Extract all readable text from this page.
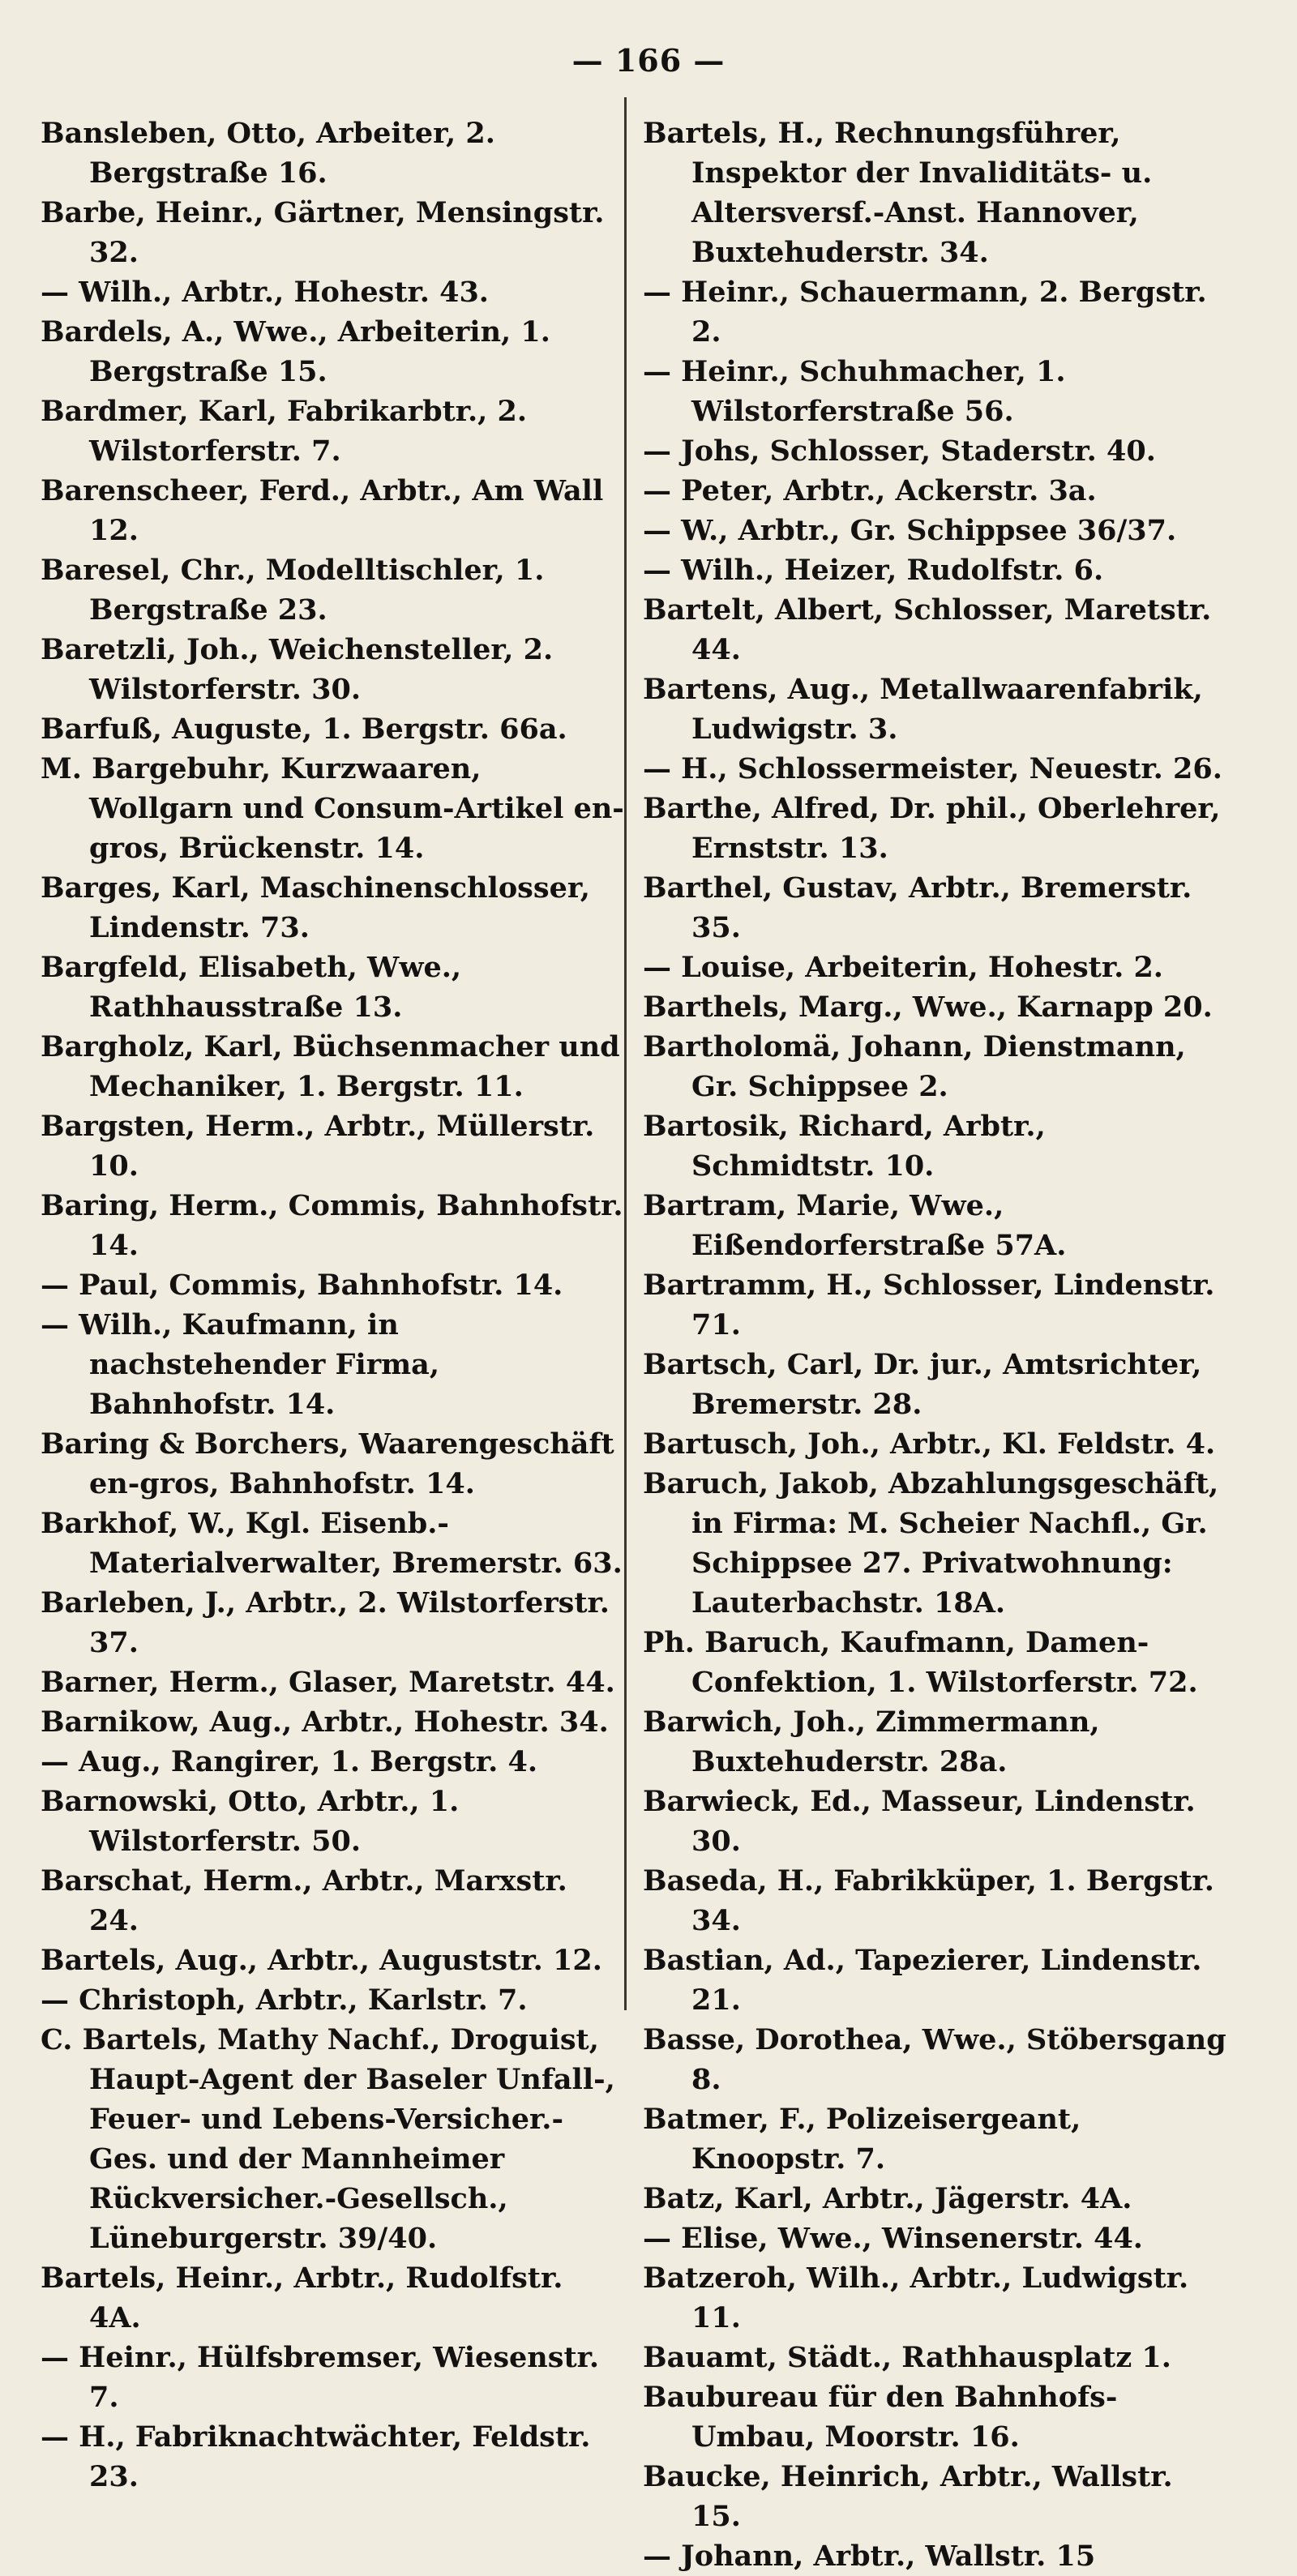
— 166 —
Bansleben, Otto, Arbeiter, 2. Bergstraße 16.
Barbe, Heinr., Gärtner, Mensingstr. 32.
— Wilh., Arbtr., Hohestr. 43.
Bardels, A., Wwe., Arbeiterin, 1. Bergstraße 15.
Bardmer, Karl, Fabrikarbtr., 2. Wilstorferstr. 7.
Barenscheer, Ferd., Arbtr., Am Wall 12.
Baresel, Chr., Modelltischler, 1. Bergstraße 23.
Baretzli, Joh., Weichensteller, 2. Wilstorferstr. 30.
Barfuß, Auguste, 1. Bergstr. 66a.
M. Bargebuhr, Kurzwaaren, Wollgarn und Consum-Artikel en-gros, Brückenstr. 14.
Barges, Karl, Maschinenschlosser, Lindenstr. 73.
Bargfeld, Elisabeth, Wwe., Rathhausstraße 13.
Bargholz, Karl, Büchsenmacher und Mechaniker, 1. Bergstr. 11.
Bargsten, Herm., Arbtr., Müllerstr. 10.
Baring, Herm., Commis, Bahnhofstr. 14.
— Paul, Commis, Bahnhofstr. 14.
— Wilh., Kaufmann, in nachstehender Firma, Bahnhofstr. 14.
Baring & Borchers, Waarengeschäft en-gros, Bahnhofstr. 14.
Barkhof, W., Kgl. Eisenb.-Materialverwalter, Bremerstr. 63.
Barleben, J., Arbtr., 2. Wilstorferstr. 37.
Barner, Herm., Glaser, Maretstr. 44.
Barnikow, Aug., Arbtr., Hohestr. 34.
— Aug., Rangirer, 1. Bergstr. 4.
Barnowski, Otto, Arbtr., 1. Wilstorferstr. 50.
Barschat, Herm., Arbtr., Marxstr. 24.
Bartels, Aug., Arbtr., Auguststr. 12.
— Christoph, Arbtr., Karlstr. 7.
C. Bartels, Mathy Nachf., Droguist, Haupt-Agent der Baseler Unfall-, Feuer- und Lebens-Versicher.-Ges. und der Mannheimer Rückversicher.-Gesellsch., Lüneburgerstr. 39/40.
Bartels, Heinr., Arbtr., Rudolfstr. 4A.
— Heinr., Hülfsbremser, Wiesenstr. 7.
— H., Fabriknachtwächter, Feldstr. 23.
Bartels, H., Rechnungsführer, Inspektor der Invaliditäts- u. Altersversf.-Anst. Hannover, Buxtehuderstr. 34.
— Heinr., Schauermann, 2. Bergstr. 2.
— Heinr., Schuhmacher, 1. Wilstorferstraße 56.
— Johs, Schlosser, Staderstr. 40.
— Peter, Arbtr., Ackerstr. 3a.
— W., Arbtr., Gr. Schippsee 36/37.
— Wilh., Heizer, Rudolfstr. 6.
Bartelt, Albert, Schlosser, Maretstr. 44.
Bartens, Aug., Metallwaarenfabrik, Ludwigstr. 3.
— H., Schlossermeister, Neuestr. 26.
Barthe, Alfred, Dr. phil., Oberlehrer, Ernststr. 13.
Barthel, Gustav, Arbtr., Bremerstr. 35.
— Louise, Arbeiterin, Hohestr. 2.
Barthels, Marg., Wwe., Karnapp 20.
Bartholomä, Johann, Dienstmann, Gr. Schippsee 2.
Bartosik, Richard, Arbtr., Schmidtstr. 10.
Bartram, Marie, Wwe., Eißendorferstraße 57A.
Bartramm, H., Schlosser, Lindenstr. 71.
Bartsch, Carl, Dr. jur., Amtsrichter, Bremerstr. 28.
Bartusch, Joh., Arbtr., Kl. Feldstr. 4.
Baruch, Jakob, Abzahlungsgeschäft, in Firma: M. Scheier Nachfl., Gr. Schippsee 27. Privatwohnung: Lauterbachstr. 18A.
Ph. Baruch, Kaufmann, Damen-Confektion, 1. Wilstorferstr. 72.
Barwich, Joh., Zimmermann, Buxtehuderstr. 28a.
Barwieck, Ed., Masseur, Lindenstr. 30.
Baseda, H., Fabrikküper, 1. Bergstr. 34.
Bastian, Ad., Tapezierer, Lindenstr. 21.
Basse, Dorothea, Wwe., Stöbersgang 8.
Batmer, F., Polizeisergeant, Knoopstr. 7.
Batz, Karl, Arbtr., Jägerstr. 4A.
— Elise, Wwe., Winsenerstr. 44.
Batzeroh, Wilh., Arbtr., Ludwigstr. 11.
Bauamt, Städt., Rathhausplatz 1.
Baubureau für den Bahnhofs-Umbau, Moorstr. 16.
Baucke, Heinrich, Arbtr., Wallstr. 15.
— Johann, Arbtr., Wallstr. 15
